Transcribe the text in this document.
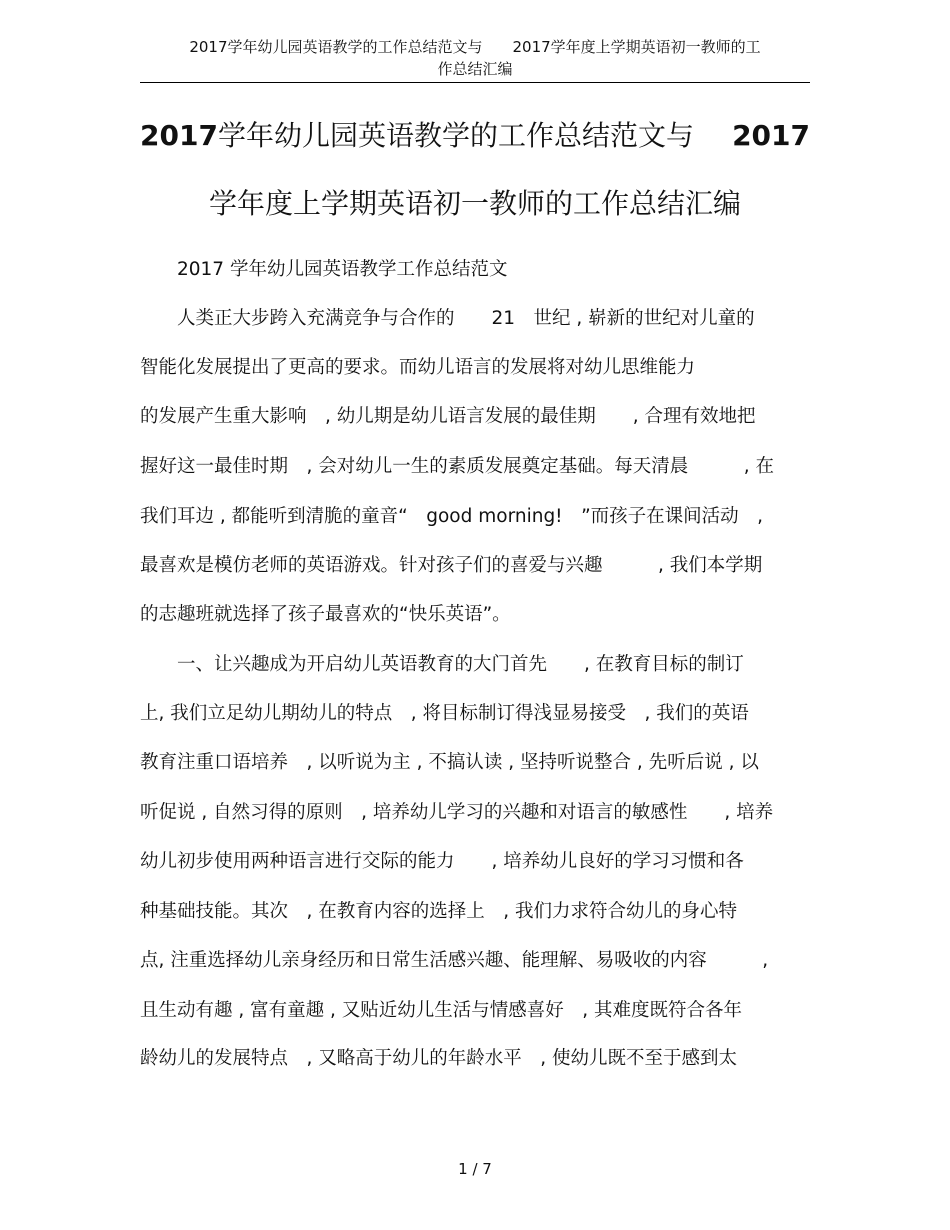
2017学年幼儿园英语教学的工作总结范文与　　2017学年度上学期英语初一教师的工
作总结汇编
2017学年幼儿园英语教学的工作总结范文与 2017
学年度上学期英语初一教师的工作总结汇编
　　2017 学年幼儿园英语教学工作总结范文
　　人类正大步跨入充满竞争与合作的　　21　世纪 , 崭新的世纪对儿童的
智能化发展提出了更高的要求。而幼儿语言的发展将对幼儿思维能力
的发展产生重大影响　, 幼儿期是幼儿语言发展的最佳期　　, 合理有效地把
握好这一最佳时期　, 会对幼儿一生的素质发展奠定基础。每天清晨　　　, 在
我们耳边 , 都能听到清脆的童音“　good morning!　”而孩子在课间活动　,
最喜欢是模仿老师的英语游戏。针对孩子们的喜爱与兴趣　　　, 我们本学期
的志趣班就选择了孩子最喜欢的“快乐英语”。
　　一、让兴趣成为开启幼儿英语教育的大门首先　　, 在教育目标的制订
上, 我们立足幼儿期幼儿的特点　, 将目标制订得浅显易接受　, 我们的英语
教育注重口语培养　, 以听说为主 , 不搞认读 , 坚持听说整合 , 先听后说 , 以
听促说 , 自然习得的原则　, 培养幼儿学习的兴趣和对语言的敏感性　　, 培养
幼儿初步使用两种语言进行交际的能力　　, 培养幼儿良好的学习习惯和各
种基础技能。其次　, 在教育内容的选择上　, 我们力求符合幼儿的身心特
点, 注重选择幼儿亲身经历和日常生活感兴趣、能理解、易吸收的内容　　　,
且生动有趣 , 富有童趣 , 又贴近幼儿生活与情感喜好　, 其难度既符合各年
龄幼儿的发展特点　, 又略高于幼儿的年龄水平　, 使幼儿既不至于感到太
1 / 7
